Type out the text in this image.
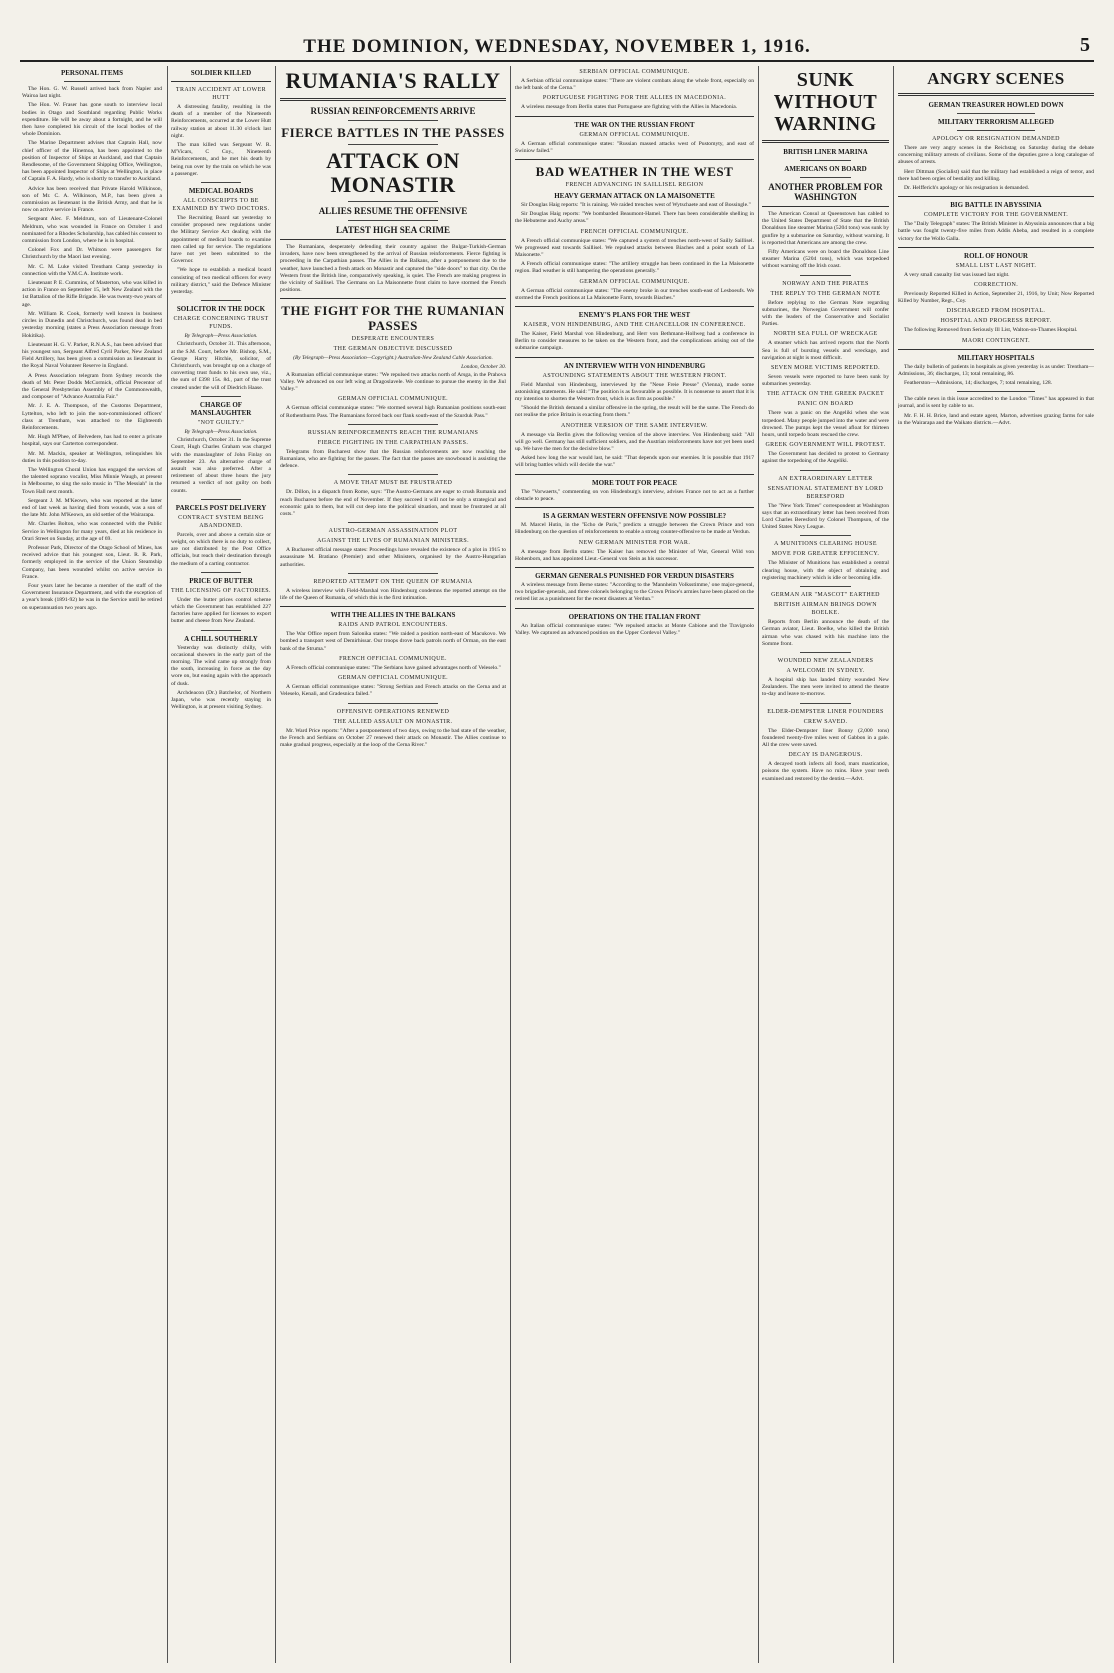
THE DOMINION, WEDNESDAY, NOVEMBER 1, 1916.	5
PERSONAL ITEMS

The Hon. G. W. Russell arrived back from Napier and Wairoa last night.

The Hon. W. Fraser has gone south to interview local bodies in Otago and Southland regarding Public Works expenditure. He will be away about a fortnight, and he will then have completed his circuit of the local bodies of the whole Dominion.

The Marine Department advises that Captain Hall, now chief officer of the Hinemoa, has been appointed to the position of Inspector of Ships at Auckland, and that Captain Rendlesome, of the Government Shipping Office, Wellington, has been appointed Inspector of Ships at Wellington, in place of Captain F. A. Hardy, who is shortly to transfer to Auckland.

Advice has been received that Private Harold Wilkinson, son of Mr. C. A. Wilkinson, M.P., has been given a commission as lieutenant in the British Army, and that he is now on active service in France.

Sergeant Alec. F. Meldrum, son of Lieutenant-Colonel Meldrum, who was wounded in France on October 1 and nominated for a Rhodes Scholarship, has cabled his consent to commission from London, where he is in hospital.

Colonel Fox and Dr. Whitson were passengers for Christchurch by the Maori last evening.

Mr. C. M. Luke visited Trentham Camp yesterday in connection with the Y.M.C.A. Institute work.

Lieutenant P. E. Cummins, of Masterton, who was killed in action in France on September 15, left New Zealand with the 1st Battalion of the Rifle Brigade. He was twenty-two years of age.

Mr. William R. Cook, formerly well known in business circles in Dunedin and Christchurch, was found dead in bed yesterday morning (states a Press Association message from Hokitika).

Lieutenant H. G. V. Parker, R.N.A.S., has been advised that his youngest son, Sergeant Alfred Cyril Parker, New Zealand Field Artillery, has been given a commission as lieutenant in the Royal Naval Volunteer Reserve in England.

A Press Association telegram from Sydney records the death of Mr. Peter Dodds McCormick, official Precentor of the General Presbyterian Assembly of the Commonwealth, and composer of "Advance Australia Fair."

Mr. J. E. A. Thompson, of the Customs Department, Lyttelton, who left to join the non-commissioned officers' class at Trentham, was attached to the Eighteenth Reinforcements.

Mr. Hugh M'Phee, of Belvedere, has had to enter a private hospital, says our Carterton correspondent.

Mr. M. Mackin, speaker at Wellington, relinquishes his duties in this position to-day.

The Wellington Choral Union has engaged the services of the talented soprano vocalist, Miss Minnie Waugh, at present in Melbourne, to sing the solo music in "The Messiah" in the Town Hall next month.

Sergeant J. M. M'Keown, who was reported at the latter end of last week as having died from wounds, was a son of the late Mr. John M'Keown, an old settler of the Wairarapa.

Mr. Charles Bolton, who was connected with the Public Service in Wellington for many years, died at his residence in Orari Street on Sunday, at the age of 69.

Professor Park, Director of the Otago School of Mines, has received advice that his youngest son, Lieut. R. R. Park, formerly employed in the service of the Union Steamship Company, has been wounded whilst on active service in France.

Four years later he became a member of the staff of the Government Insurance Department, and with the exception of a year's break (1891-92) he was in the Service until he retired on superannuation two years ago.

SOLDIER KILLED
TRAIN ACCIDENT AT LOWER HUTT

A distressing fatality, resulting in the death of a member of the Nineteenth Reinforcements, occurred at the Lower Hutt railway station at about 11.30 o'clock last night.

The man killed was Sergeant W. R. M'Vicars, C Coy., Nineteenth Reinforcements, and he met his death by being run over by the train on which he was a passenger.

MEDICAL BOARDS
ALL CONSCRIPTS TO BE EXAMINED BY TWO DOCTORS.

The Recruiting Board sat yesterday to consider proposed new regulations under the Military Service Act dealing with the appointment of medical boards to examine men called up for service. The regulations have not yet been submitted to the Governor.

"We hope to establish a medical board consisting of two medical officers for every military district," said the Defence Minister yesterday.

SOLICITOR IN THE DOCK
CHARGE CONCERNING TRUST FUNDS.
By Telegraph—Press Association.

Christchurch, October 31. This afternoon, at the S.M. Court, before Mr. Bishop, S.M., George Harry Hitchie, solicitor, of Christchurch, was brought up on a charge of converting trust funds to his own use, viz., the sum of £398 15s. 8d., part of the trust created under the will of Diedrich Haase.

CHARGE OF MANSLAUGHTER
"NOT GUILTY."
By Telegraph—Press Association.

Christchurch, October 31. In the Supreme Court, Hugh Charles Graham was charged with the manslaughter of John Finlay on September 23. An alternative charge of assault was also preferred. After a retirement of about three hours the jury returned a verdict of not guilty on both counts.

PARCELS POST DELIVERY
CONTRACT SYSTEM BEING ABANDONED.

Parcels, over and above a certain size or weight, on which there is no duty to collect, are not distributed by the Post Office officials, but reach their destination through the medium of a carting contractor.

PRICE OF BUTTER
THE LICENSING OF FACTORIES.

Under the butter prices control scheme which the Government has established 227 factories have applied for licenses to export butter and cheese from New Zealand.

A CHILL SOUTHERLY

Yesterday was distinctly chilly, with occasional showers in the early part of the morning. The wind came up strongly from the south, increasing in force as the day wore on, but easing again with the approach of dusk.

Archdeacon (Dr.) Batchelor, of Northern Japan, who was recently staying in Wellington, is at present visiting Sydney.

RUMANIA'S RALLY
RUSSIAN REINFORCEMENTS ARRIVE
FIERCE BATTLES IN THE PASSES
ATTACK ON MONASTIR
ALLIES RESUME THE OFFENSIVE
LATEST HIGH SEA CRIME

The Rumanians, desperately defending their country against the Bulgar-Turkish-German invaders, have now been strengthened by the arrival of Russian reinforcements. Fierce fighting is proceeding in the Carpathian passes. The Allies in the Balkans, after a postponement due to the weather, have launched a fresh attack on Monastir and captured the "side doors" to that city. On the Western front the British line, comparatively speaking, is quiet. The French are making progress in the vicinity of Saillisel. The Germans on La Maisonnette front claim to have stormed the French positions.

THE FIGHT FOR THE RUMANIAN PASSES
DESPERATE ENCOUNTERS
THE GERMAN OBJECTIVE DISCUSSED
(By Telegraph—Press Association—Copyright.) Australian-New Zealand Cable Association.
London, October 30.

A Rumanian official communique states: "We repulsed two attacks north of Arsga, in the Prahova Valley. We advanced on our left wing at Dragoslavele. We continue to pursue the enemy in the Jiul Valley."

GERMAN OFFICIAL COMMUNIQUE.

A German official communique states: "We stormed several high Rumanian positions south-east of Rothenthurm Pass. The Rumanians forced back our flank south-east of the Szurduk Pass."

RUSSIAN REINFORCEMENTS REACH THE RUMANIANS
FIERCE FIGHTING IN THE CARPATHIAN PASSES.

Telegrams from Bucharest show that the Russian reinforcements are now reaching the Rumanians, who are fighting for the passes. The fact that the passes are snowbound is assisting the defence.

A MOVE THAT MUST BE FRUSTRATED

Dr. Dillon, in a dispatch from Rome, says: "The Austro-Germans are eager to crush Rumania and reach Bucharest before the end of November. If they succeed it will not be only a strategical and economic gain to them, but will cut deep into the political situation, and must be frustrated at all costs."

AUSTRO-GERMAN ASSASSINATION PLOT
AGAINST THE LIVES OF RUMANIAN MINISTERS.

A Bucharest official message states: Proceedings have revealed the existence of a plot in 1915 to assassinate M. Bratiano (Premier) and other Ministers, organised by the Austro-Hungarian authorities.

REPORTED ATTEMPT ON THE QUEEN OF RUMANIA

A wireless interview with Field-Marshal von Hindenburg condemns the reported attempt on the life of the Queen of Rumania, of which this is the first intimation.

WITH THE ALLIES IN THE BALKANS
RAIDS AND PATROL ENCOUNTERS.

The War Office report from Salonika states: "We raided a position north-east of Macukovo. We bombed a transport west of Demirhissar. Our troops drove back patrols north of Orman, on the east bank of the Struma."

FRENCH OFFICIAL COMMUNIQUE.

A French official communique states: "The Serbians have gained advantages north of Veleselo."

GERMAN OFFICIAL COMMUNIQUE.

A German official communique states: "Strong Serbian and French attacks on the Cerna and at Veleselo, Kenali, and Gradesnica failed."

OFFENSIVE OPERATIONS RENEWED
THE ALLIED ASSAULT ON MONASTIR.

Mr. Ward Price reports: "After a postponement of two days, owing to the bad state of the weather, the French and Serbians on October 27 renewed their attack on Monastir. The Allies continue to make gradual progress, especially at the loop of the Cerna River."

SERBIAN OFFICIAL COMMUNIQUE.

A Serbian official communique states: "There are violent combats along the whole front, especially on the left bank of the Cerna."

PORTUGUESE FIGHTING FOR THE ALLIES IN MACEDONIA.

A wireless message from Berlin states that Portuguese are fighting with the Allies in Macedonia.

THE WAR ON THE RUSSIAN FRONT
GERMAN OFFICIAL COMMUNIQUE.

A German official communique states: "Russian massed attacks west of Pustomyty, and east of Swiniow failed."

BAD WEATHER IN THE WEST
FRENCH ADVANCING IN SAILLISEL REGION
HEAVY GERMAN ATTACK ON LA MAISONETTE

Sir Douglas Haig reports: "It is raining. We raided trenches west of Wytschaete and east of Bossingle."

Sir Douglas Haig reports: "We bombarded Beaumont-Hamel. There has been considerable shelling in the Hebuterne and Auchy areas."

FRENCH OFFICIAL COMMUNIQUE.

A French official communique states: "We captured a system of trenches north-west of Sailly Saillisel. We progressed east towards Saillisel. We repulsed attacks between Biaches and a point south of La Maisonette."

A French official communique states: "The artillery struggle has been continued in the La Maisonette region. Bad weather is still hampering the operations generally."

GERMAN OFFICIAL COMMUNIQUE.

A German official communique states: "The enemy broke in our trenches south-east of Lesboeufs. We stormed the French positions at La Maisonette Farm, towards Biaches."

ENEMY'S PLANS FOR THE WEST
KAISER, VON HINDENBURG, AND THE CHANCELLOR IN CONFERENCE.

The Kaiser, Field Marshal von Hindenburg, and Herr von Bethmann-Hollweg had a conference in Berlin to consider measures to be taken on the Western front, and the complications arising out of the submarine campaign.

AN INTERVIEW WITH VON HINDENBURG
ASTOUNDING STATEMENTS ABOUT THE WESTERN FRONT.

Field Marshal von Hindenburg, interviewed by the "Neue Freie Presse" (Vienna), made some astonishing statements. He said: "The position is as favourable as possible. It is nonsense to assert that it is my intention to shorten the Western front, which is as firm as possible."

"Should the British demand a similar offensive in the spring, the result will be the same. The French do not realise the price Britain is exacting from them."

ANOTHER VERSION OF THE SAME INTERVIEW.

A message via Berlin gives the following version of the above interview. Von Hindenburg said: "All will go well. Germany has still sufficient soldiers, and the Austrian reinforcements have not yet been used up. We have the men for the decisive blow."

Asked how long the war would last, he said: "That depends upon our enemies. It is possible that 1917 will bring battles which will decide the war."

MORE TOUT FOR PEACE

The "Vorwaerts," commenting on von Hindenburg's interview, advises France not to act as a further obstacle to peace.

IS A GERMAN WESTERN OFFENSIVE NOW POSSIBLE?

M. Marcel Hutin, in the "Echo de Paris," predicts a struggle between the Crown Prince and von Hindenburg on the question of reinforcements to enable a strong counter-offensive to be made at Verdun.

NEW GERMAN MINISTER FOR WAR.

A message from Berlin states: The Kaiser has removed the Minister of War, General Wild von Hohenborn, and has appointed Lieut.-General von Stein as his successor.

GERMAN GENERALS PUNISHED FOR VERDUN DISASTERS

A wireless message from Berne states: "According to the 'Mannheim Volksstimme,' one major-general, two brigadier-generals, and three colonels belonging to the Crown Prince's armies have been placed on the retired list as a punishment for the recent disasters at Verdun."

OPERATIONS ON THE ITALIAN FRONT

An Italian official communique states: "We repulsed attacks at Monte Cabione and the Travignolo Valley. We captured an advanced position on the Upper Cordevol Valley."

SUNK WITHOUT WARNING
BRITISH LINER MARINA
AMERICANS ON BOARD
ANOTHER PROBLEM FOR WASHINGTON

The American Consul at Queenstown has cabled to the United States Department of State that the British Donaldson line steamer Marina (5204 tons) was sunk by gunfire by a submarine on Saturday, without warning. It is reported that Americans are among the crew.

Fifty Americans were on board the Donaldson Line steamer Marina (5204 tons), which was torpedoed without warning off the Irish coast.

NORWAY AND THE PIRATES
THE REPLY TO THE GERMAN NOTE

Before replying to the German Note regarding submarines, the Norwegian Government will confer with the leaders of the Conservative and Socialist Parties.

NORTH SEA FULL OF WRECKAGE

A steamer which has arrived reports that the North Sea is full of bursting vessels and wreckage, and navigation at night is most difficult.

SEVEN MORE VICTIMS REPORTED.

Seven vessels were reported to have been sunk by submarines yesterday.

THE ATTACK ON THE GREEK PACKET
PANIC ON BOARD

There was a panic on the Angeliki when she was torpedoed. Many people jumped into the water and were drowned. The pumps kept the vessel afloat for thirteen hours, until torpedo boats rescued the crew.

GREEK GOVERNMENT WILL PROTEST.

The Government has decided to protest to Germany against the torpedoing of the Angeliki.

AN EXTRAORDINARY LETTER
SENSATIONAL STATEMENT BY LORD BERESFORD

The "New York Times" correspondent at Washington says that an extraordinary letter has been received from Lord Charles Beresford by Colonel Thompson, of the United States Navy League.

A MUNITIONS CLEARING HOUSE
MOVE FOR GREATER EFFICIENCY.

The Minister of Munitions has established a central clearing house, with the object of obtaining and registering machinery which is idle or becoming idle.

GERMAN AIR "MASCOT" EARTHED
BRITISH AIRMAN BRINGS DOWN BOELKE.

Reports from Berlin announce the death of the German aviator, Lieut. Boelke, who killed the British airman who was chased with his machine into the Somme front.

WOUNDED NEW ZEALANDERS
A WELCOME IN SYDNEY.

A hospital ship has landed thirty wounded New Zealanders. The men were invited to attend the theatre to-day and leave to-morrow.

ELDER-DEMPSTER LINER FOUNDERS
CREW SAVED.

The Elder-Dempster liner Bonny (2,000 tons) foundered twenty-five miles west of Gabbon in a gale. All the crew were saved.

DECAY IS DANGEROUS.

A decayed tooth infects all food, mars mastication, poisons the system. Have no ruins. Have your teeth examined and restored by the dentist.—Advt.

ANGRY SCENES
GERMAN TREASURER HOWLED DOWN
MILITARY TERRORISM ALLEGED
APOLOGY OR RESIGNATION DEMANDED

There are very angry scenes in the Reichstag on Saturday during the debate concerning military arrests of civilians. Some of the deputies gave a long catalogue of abuses of arrests.

Herr Dittman (Socialist) said that the military had established a reign of terror, and there had been orgies of bestiality and killing.

Dr. Helfferich's apology or his resignation is demanded.

BIG BATTLE IN ABYSSINIA
COMPLETE VICTORY FOR THE GOVERNMENT.

The "Daily Telegraph" states: The British Minister in Abyssinia announces that a big battle was fought twenty-five miles from Addis Abeba, and resulted in a complete victory for the Wollo Galla.

ROLL OF HONOUR
SMALL LIST LAST NIGHT.

A very small casualty list was issued last night.

CORRECTION.

Previously Reported Killed in Action, September 21, 1916, by Unit; Now Reported Killed by Number, Regt., Coy.

DISCHARGED FROM HOSPITAL.
HOSPITAL AND PROGRESS REPORT.

The following Removed from Seriously Ill List, Walton-on-Thames Hospital.

MAORI CONTINGENT.
MILITARY HOSPITALS

The daily bulletin of patients in hospitals as given yesterday is as under: Trentham—Admissions, 36; discharges, 13; total remaining, 86.

Featherston—Admissions, 14; discharges, 7; total remaining, 128.

The cable news in this issue accredited to the London "Times" has appeared in that journal, and is sent by cable to us.

Mr. F. H. H. Brice, land and estate agent, Marton, advertises grazing farms for sale in the Wairarapa and the Waikato districts.—Advt.
